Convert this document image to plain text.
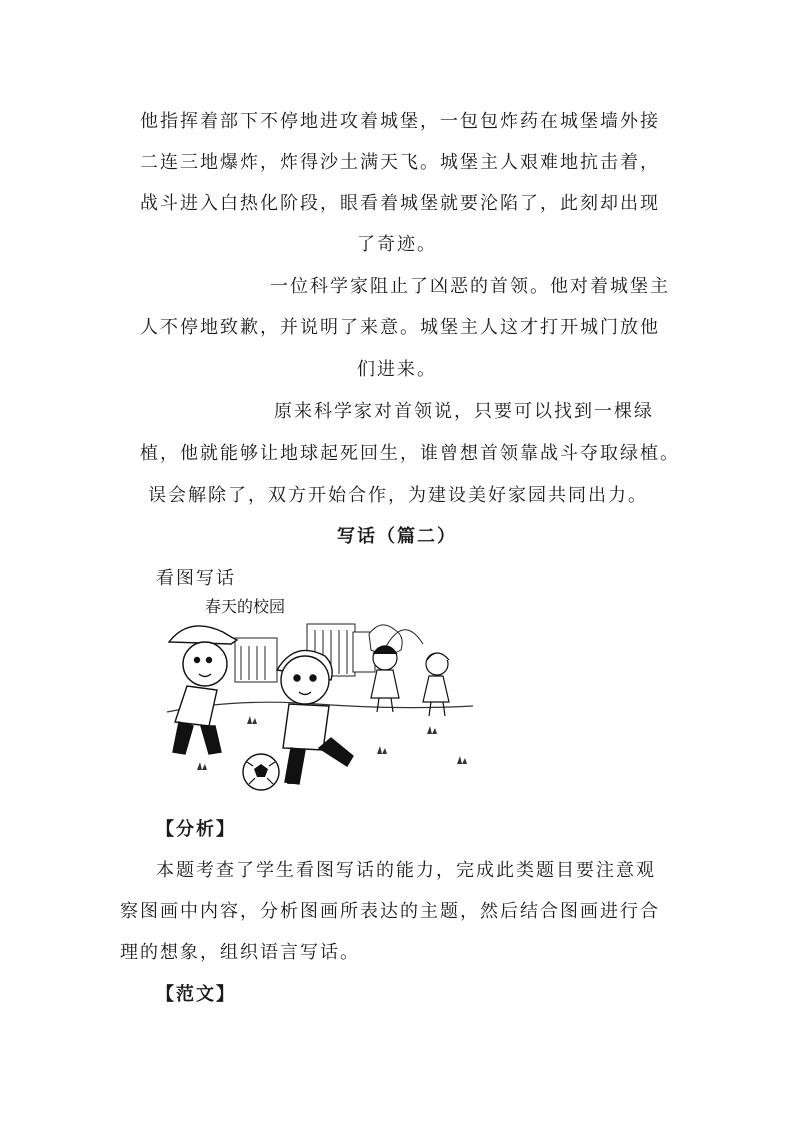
他指挥着部下不停地进攻着城堡，一包包炸药在城堡墙外接
二连三地爆炸，炸得沙土满天飞。城堡主人艰难地抗击着，
战斗进入白热化阶段，眼看着城堡就要沦陷了，此刻却出现
了奇迹。
一位科学家阻止了凶恶的首领。他对着城堡主
人不停地致歉，并说明了来意。城堡主人这才打开城门放他
们进来。
原来科学家对首领说，只要可以找到一棵绿
植，他就能够让地球起死回生，谁曾想首领靠战斗夺取绿植。
误会解除了，双方开始合作，为建设美好家园共同出力。
写话（篇二）
看图写话
春天的校园
【分析】
本题考查了学生看图写话的能力，完成此类题目要注意观
察图画中内容，分析图画所表达的主题，然后结合图画进行合
理的想象，组织语言写话。
【范文】
